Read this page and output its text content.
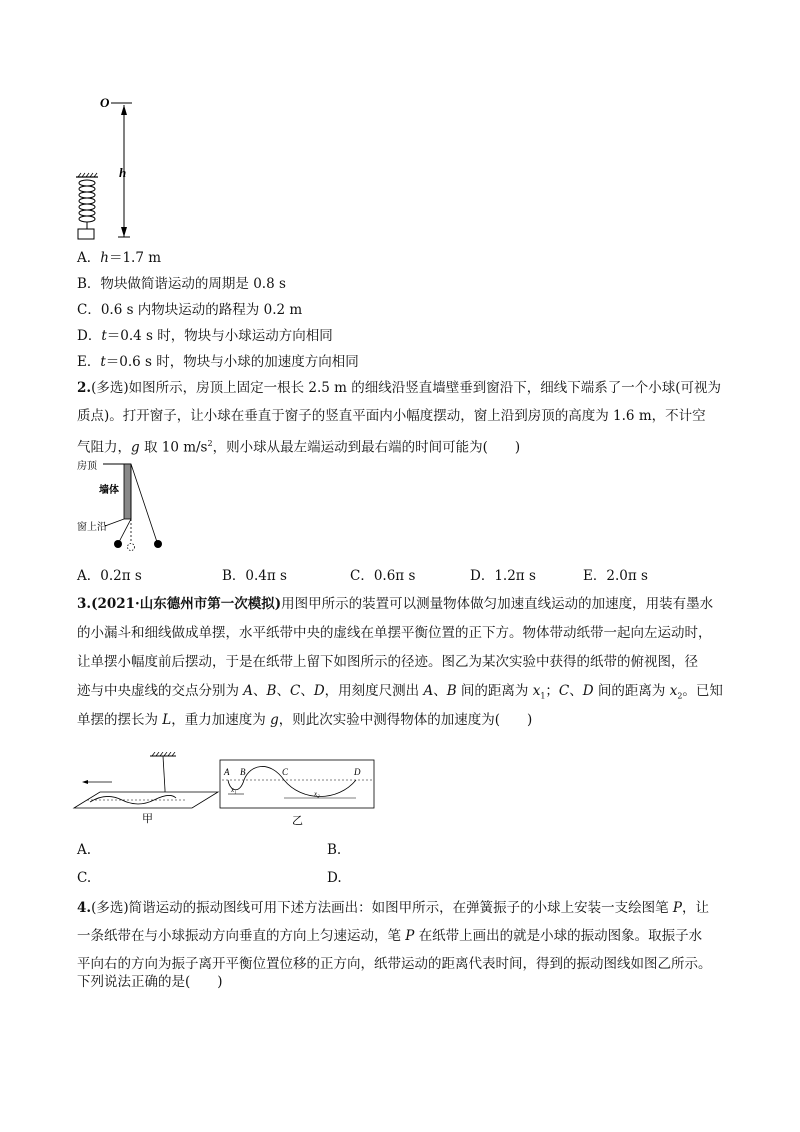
O
h
A．h＝1.7 m
B．物块做简谐运动的周期是 0.8 s
C．0.6 s 内物块运动的路程为 0.2 m
D．t＝0.4 s 时，物块与小球运动方向相同
E．t＝0.6 s 时，物块与小球的加速度方向相同
2.(多选)如图所示，房顶上固定一根长 2.5 m 的细线沿竖直墙壁垂到窗沿下，细线下端系了一个小球(可视为
质点)。打开窗子，让小球在垂直于窗子的竖直平面内小幅度摆动，窗上沿到房顶的高度为 1.6 m，不计空
气阻力，g 取 10 $m/s^2$，则小球从最左端运动到最右端的时间可能为(　　)
房顶
墙体
窗上沿
A．0.2π s	B．0.4π s	C．0.6π s	D．1.2π s	E．2.0π s
3.(2021·山东德州市第一次模拟)用图甲所示的装置可以测量物体做匀加速直线运动的加速度，用装有墨水
的小漏斗和细线做成单摆，水平纸带中央的虚线在单摆平衡位置的正下方。物体带动纸带一起向左运动时，
让单摆小幅度前后摆动，于是在纸带上留下如图所示的径迹。图乙为某次实验中获得的纸带的俯视图，径
迹与中央虚线的交点分别为 A、B、C、D，用刻度尺测出 A、B 间的距离为 $x_1$；C、D 间的距离为 $x_2$。已知
单摆的摆长为 L，重力加速度为 g，则此次实验中测得物体的加速度为(　　)
甲
A B	C	D
x₁	x₂
乙
A.	B.
C.	D.
4.(多选)简谐运动的振动图线可用下述方法画出：如图甲所示，在弹簧振子的小球上安装一支绘图笔 P，让
一条纸带在与小球振动方向垂直的方向上匀速运动，笔 P 在纸带上画出的就是小球的振动图象。取振子水
平向右的方向为振子离开平衡位置位移的正方向，纸带运动的距离代表时间，得到的振动图线如图乙所示。
下列说法正确的是(　　)
